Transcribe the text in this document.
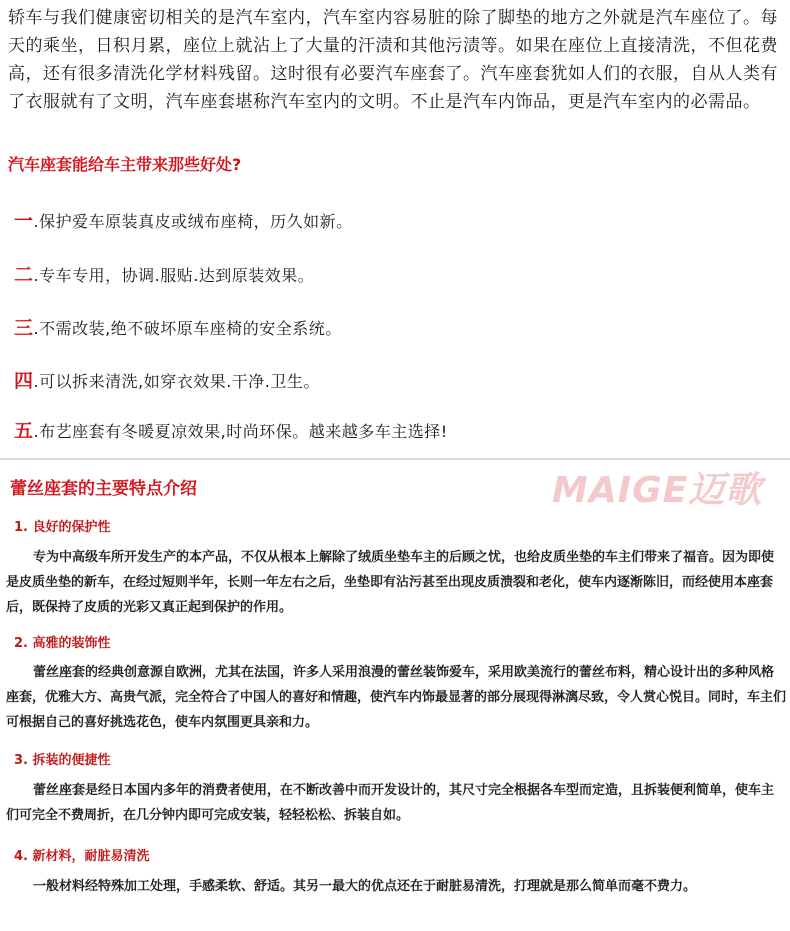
轿车与我们健康密切相关的是汽车室内，汽车室内容易脏的除了脚垫的地方之外就是汽车座位了。每天的乘坐，日积月累，座位上就沾上了大量的汗渍和其他污渍等。如果在座位上直接清洗，不但花费高，还有很多清洗化学材料残留。这时很有必要汽车座套了。汽车座套犹如人们的衣服，自从人类有了衣服就有了文明，汽车座套堪称汽车室内的文明。不止是汽车内饰品，更是汽车室内的必需品。

汽车座套能给车主带来那些好处?

一.保护爱车原装真皮或绒布座椅，历久如新。

二.专车专用，协调.服贴.达到原装效果。

三.不需改装,绝不破坏原车座椅的安全系统。

四.可以拆来清洗,如穿衣效果.干净.卫生。

五.布艺座套有冬暖夏凉效果,时尚环保。越来越多车主选择!

MAIGE迈歌
蕾丝座套的主要特点介绍
1. 良好的保护性

专为中高级车所开发生产的本产品，不仅从根本上解除了绒质坐垫车主的后顾之忧，也给皮质坐垫的车主们带来了福音。因为即使是皮质坐垫的新车，在经过短则半年，长则一年左右之后，坐垫即有沾污甚至出现皮质溃裂和老化，使车内逐渐陈旧，而经使用本座套后，既保持了皮质的光彩又真正起到保护的作用。

2. 高雅的装饰性

蕾丝座套的经典创意源自欧洲，尤其在法国，许多人采用浪漫的蕾丝装饰爱车，采用欧美流行的蕾丝布料，精心设计出的多种风格座套，优雅大方、高贵气派，完全符合了中国人的喜好和情趣，使汽车内饰最显著的部分展现得淋漓尽致，令人赏心悦目。同时，车主们可根据自己的喜好挑选花色，使车内氛围更具亲和力。

3. 拆装的便捷性

蕾丝座套是经日本国内多年的消费者使用，在不断改善中而开发设计的，其尺寸完全根据各车型而定造，且拆装便利简单，使车主们可完全不费周折，在几分钟内即可完成安装，轻轻松松、拆装自如。

4. 新材料，耐脏易清洗

一般材料经特殊加工处理，手感柔软、舒适。其另一最大的优点还在于耐脏易清洗，打理就是那么简单而毫不费力。
